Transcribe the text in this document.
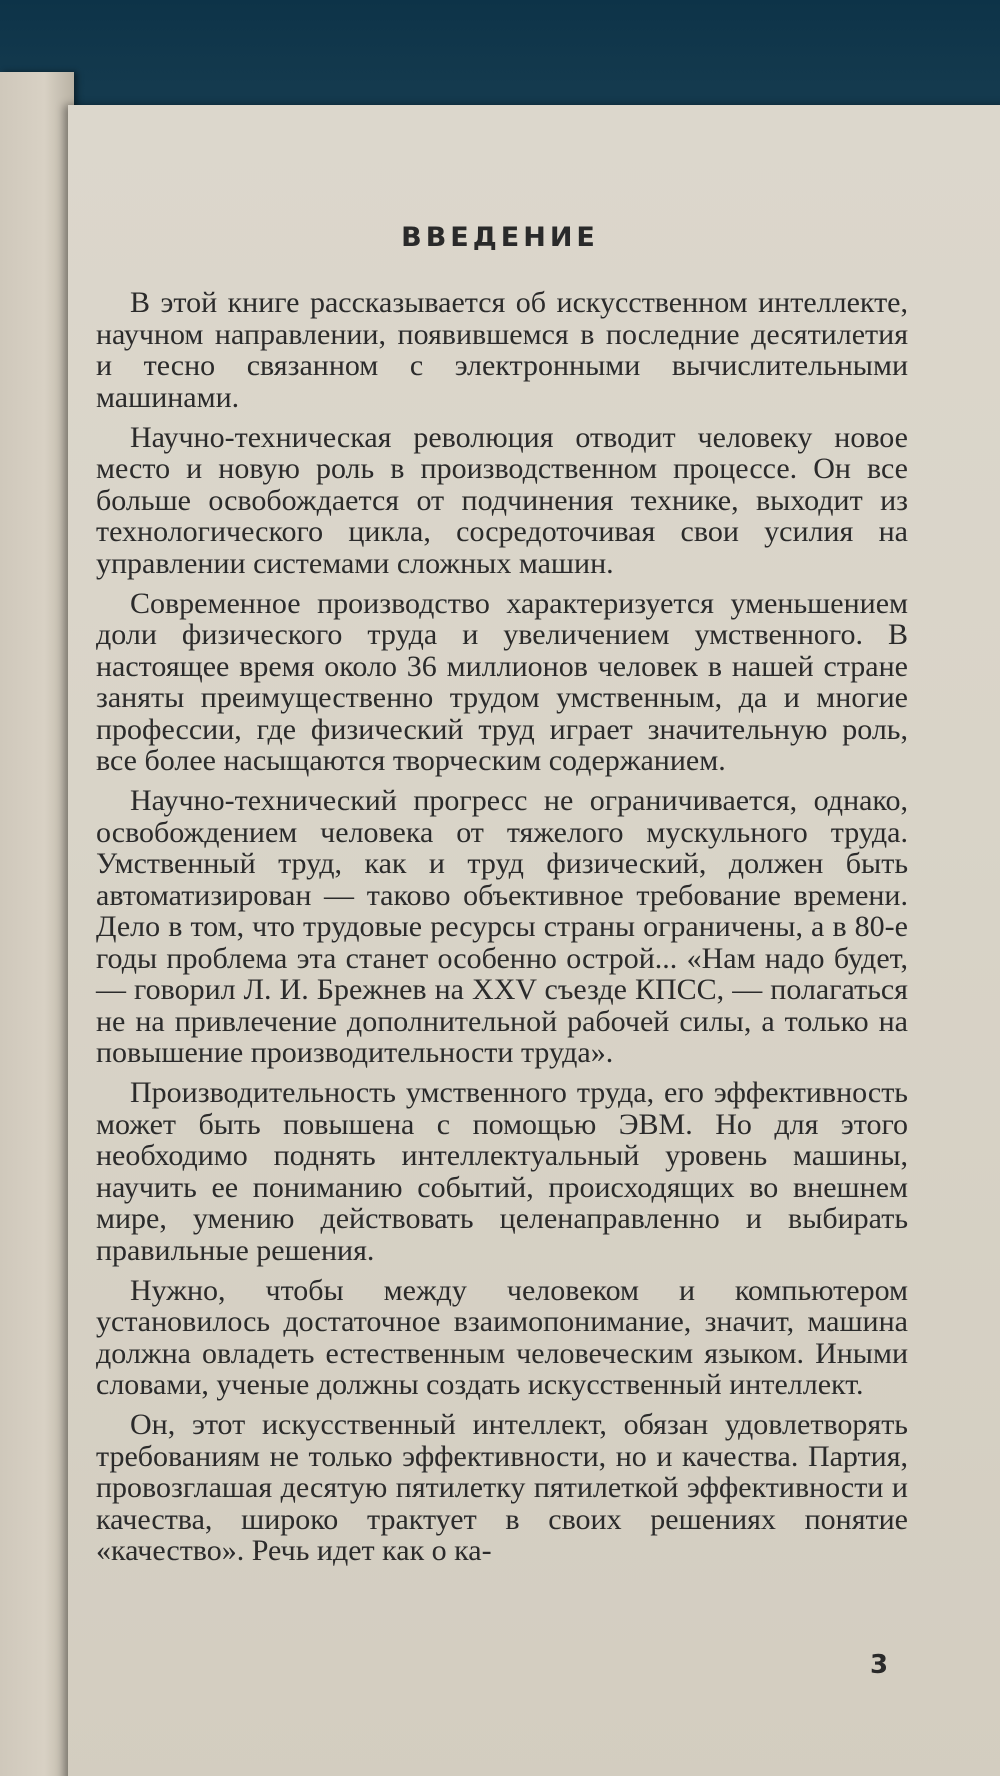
ВВЕДЕНИЕ

В этой книге рассказывается об искусственном интеллекте, научном направлении, появившемся в последние десятилетия и тесно связанном с электронными вычислительными машинами.

Научно-техническая революция отводит человеку новое место и новую роль в производственном процессе. Он все больше освобождается от подчинения технике, выходит из технологического цикла, сосредоточивая свои усилия на управлении системами сложных машин.

Современное производство характеризуется уменьшением доли физического труда и увеличением умственного. В настоящее время около 36 миллионов человек в нашей стране заняты преимущественно трудом умственным, да и многие профессии, где физический труд играет значительную роль, все более насыщаются творческим содержанием.

Научно-технический прогресс не ограничивается, однако, освобождением человека от тяжелого мускульного труда. Умственный труд, как и труд физический, должен быть автоматизирован — таково объективное требование времени. Дело в том, что трудовые ресурсы страны ограничены, а в 80-е годы проблема эта станет особенно острой... «Нам надо будет, — говорил Л. И. Брежнев на XXV съезде КПСС, — полагаться не на привлечение дополнительной рабочей силы, а только на повышение производительности труда».

Производительность умственного труда, его эффективность может быть повышена с помощью ЭВМ. Но для этого необходимо поднять интеллектуальный уровень машины, научить ее пониманию событий, происходящих во внешнем мире, умению действовать целенаправленно и выбирать правильные решения.

Нужно, чтобы между человеком и компьютером установилось достаточное взаимопонимание, значит, машина должна овладеть естественным человеческим языком. Иными словами, ученые должны создать искусственный интеллект.

Он, этот искусственный интеллект, обязан удовлетворять требованиям не только эффективности, но и качества. Партия, провозглашая десятую пятилетку пятилеткой эффективности и качества, широко трактует в своих решениях понятие «качество». Речь идет как о ка-

3
